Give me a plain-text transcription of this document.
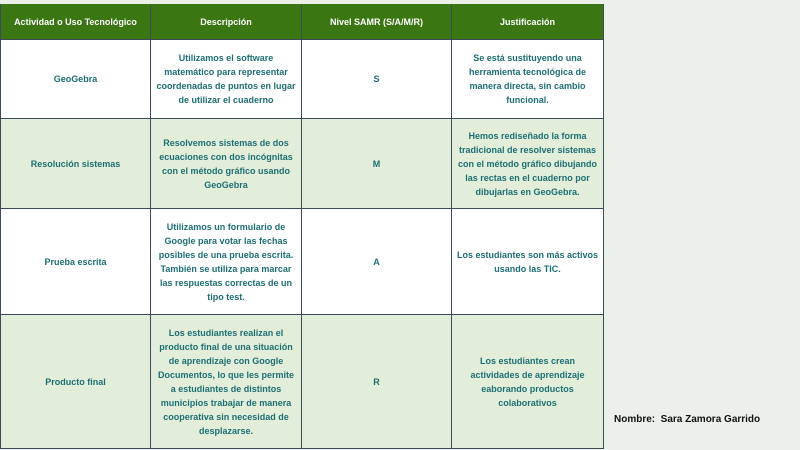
Actividad o Uso Tecnológico	Descripción	Nivel SAMR (S/A/M/R)	Justificación
GeoGebra	Utilizamos el software matemático para representar coordenadas de puntos en lugar de utilizar el cuaderno	S	Se está sustituyendo una herramienta tecnológica de manera directa, sin cambio funcional.
Resolución sistemas	Resolvemos sistemas de dos ecuaciones con dos incógnitas con el método gráfico usando GeoGebra	M	Hemos rediseñado la forma tradicional de resolver sistemas con el método gráfico dibujando las rectas en el cuaderno por dibujarlas en GeoGebra.
Prueba escrita	Utilizamos un formulario de Google para votar las fechas posibles de una prueba escrita. También se utiliza para marcar las respuestas correctas de un tipo test.	A	Los estudiantes son más activos usando las TIC.
Producto final	Los estudiantes realizan el producto final de una situación de aprendizaje con Google Documentos, lo que les permite a estudiantes de distintos municipios trabajar de manera cooperativa sin necesidad de desplazarse.	R	Los estudiantes crean actividades de aprendizaje eaborando productos colaborativos
Nombre:  Sara Zamora Garrido
